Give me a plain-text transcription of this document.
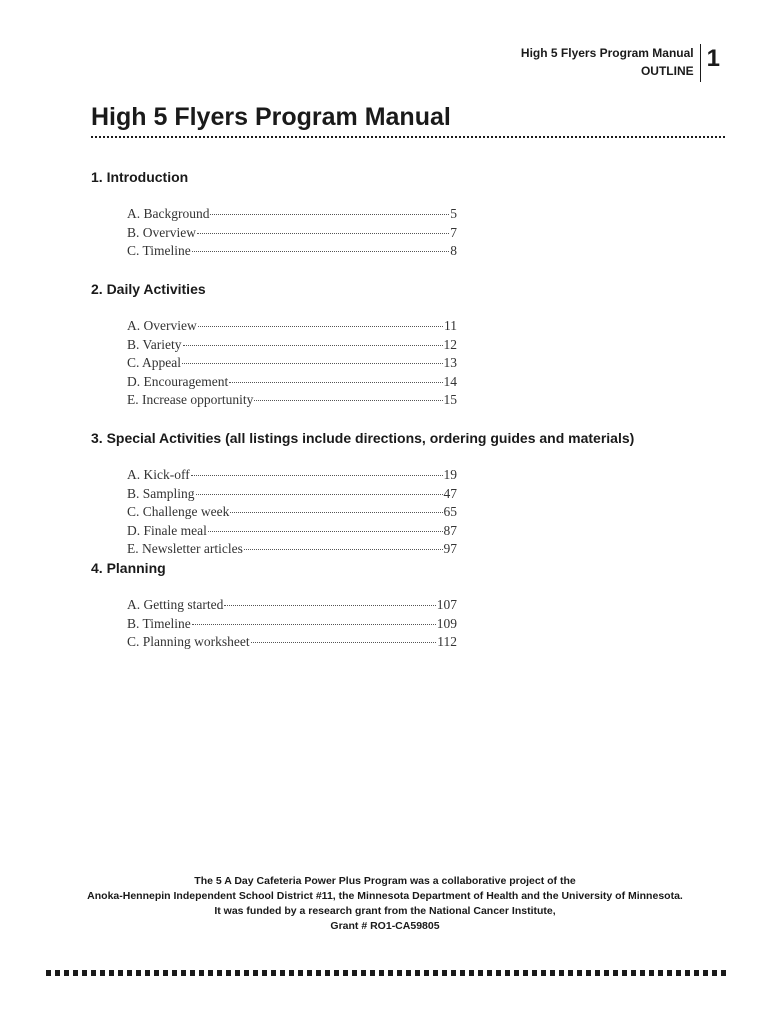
High 5 Flyers Program Manual
OUTLINE 1
High 5 Flyers Program Manual
1. Introduction
A. Background	5
B. Overview	7
C. Timeline	8
2. Daily Activities
A. Overview	11
B. Variety	12
C. Appeal	13
D. Encouragement	14
E. Increase opportunity	15
3. Special Activities (all listings include directions, ordering guides and materials)
A. Kick-off	19
B. Sampling	47
C. Challenge week	65
D. Finale meal	87
E. Newsletter articles	97
4. Planning
A. Getting started	107
B. Timeline	109
C. Planning worksheet	112

The 5 A Day Cafeteria Power Plus Program was a collaborative project of the

Anoka-Hennepin Independent School District #11, the Minnesota Department of Health and the University of Minnesota.

It was funded by a research grant from the National Cancer Institute,

Grant # RO1-CA59805
